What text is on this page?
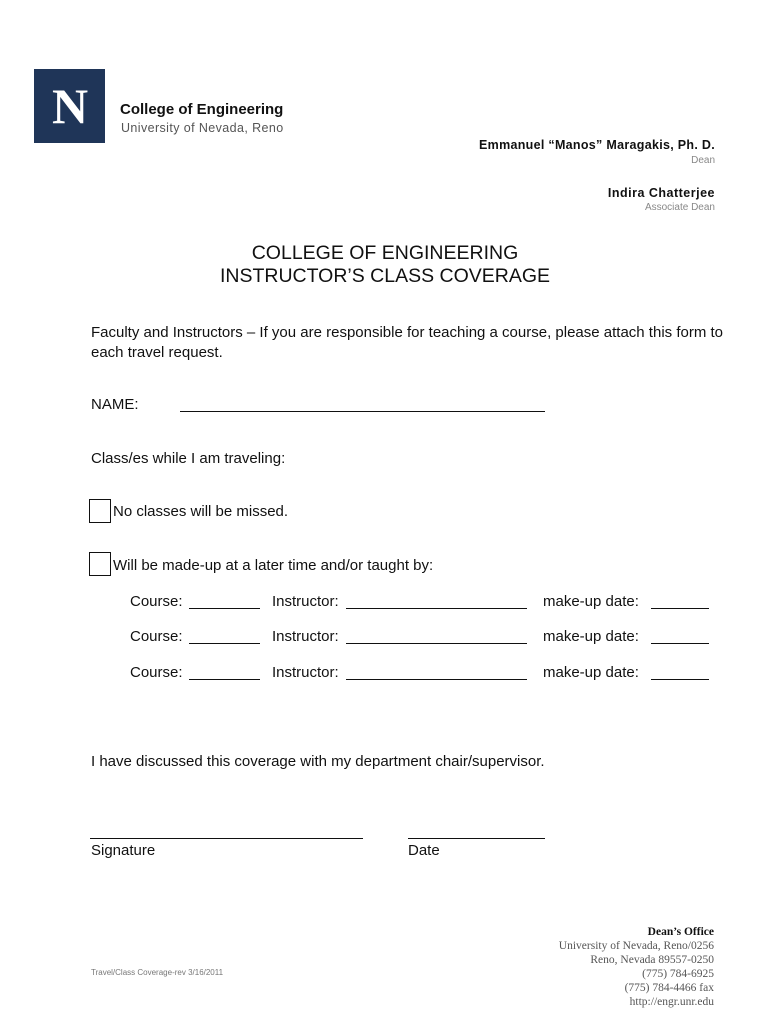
N College of Engineering
University of Nevada, Reno
Emmanuel “Manos” Maragakis, Ph. D.
Dean
Indira Chatterjee
Associate Dean
COLLEGE OF ENGINEERING
INSTRUCTOR’S CLASS COVERAGE
Faculty and Instructors – If you are responsible for teaching a course, please attach this form to each travel request.
NAME:
Class/es while I am traveling:
No classes will be missed.
Will be made-up at a later time and/or taught by:
Course:	Instructor:	make-up date:
Course:	Instructor:	make-up date:
Course:	Instructor:	make-up date:
I have discussed this coverage with my department chair/supervisor.
Signature	Date
Travel/Class Coverage-rev 3/16/2011
Dean’s Office
University of Nevada, Reno/0256
Reno, Nevada 89557-0250
(775) 784-6925
(775) 784-4466 fax
http://engr.unr.edu
